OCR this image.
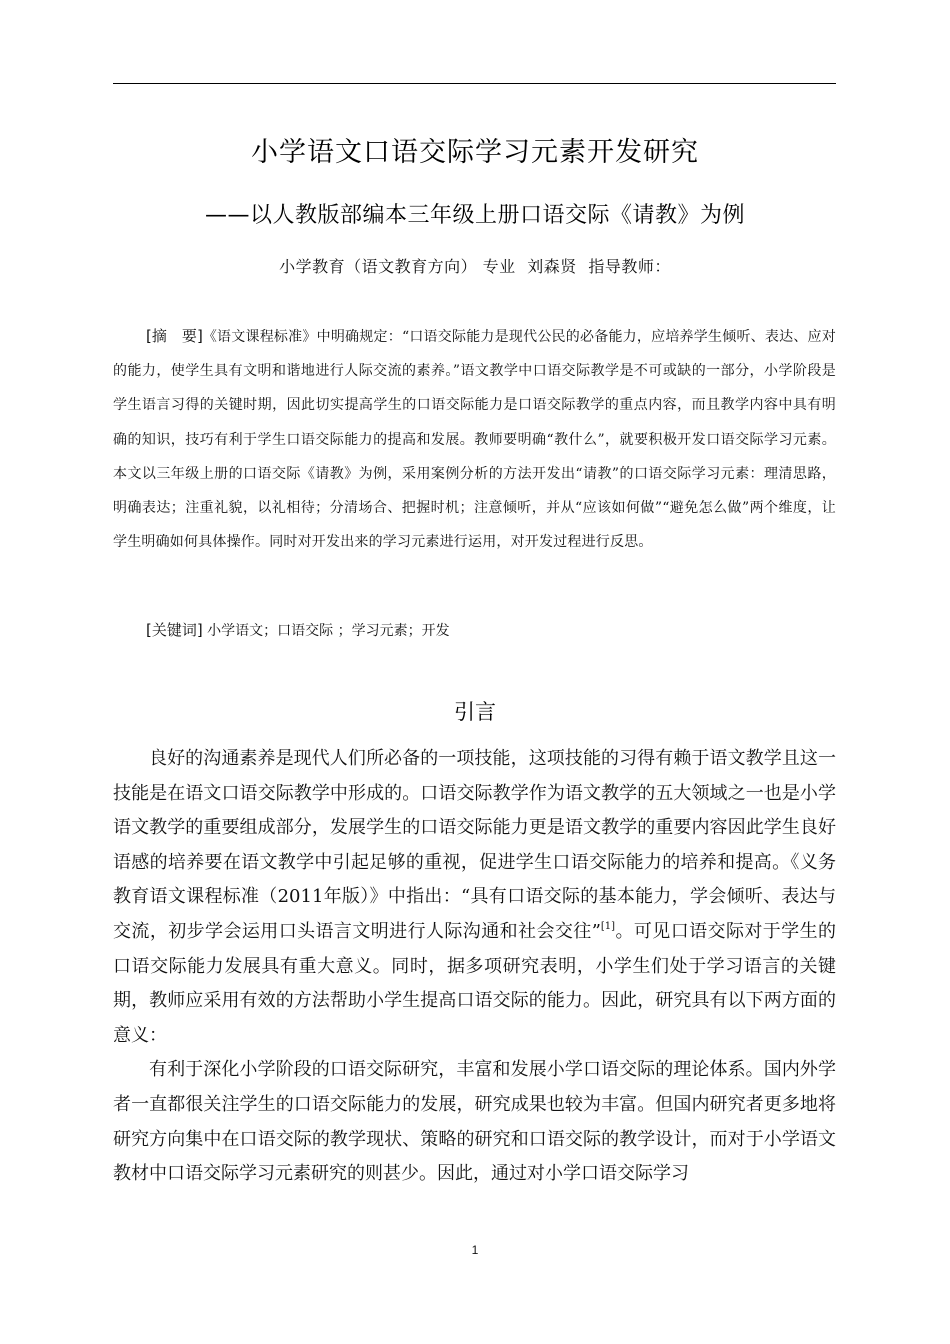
小学语文口语交际学习元素开发研究
——以人教版部编本三年级上册口语交际《请教》为例
小学教育（语文教育方向） 专业 刘森贤 指导教师：

[摘　要]《语文课程标准》中明确规定：“口语交际能力是现代公民的必备能力，应培养学生倾听、表达、应对的能力，使学生具有文明和谐地进行人际交流的素养。”语文教学中口语交际教学是不可或缺的一部分，小学阶段是学生语言习得的关键时期，因此切实提高学生的口语交际能力是口语交际教学的重点内容，而且教学内容中具有明确的知识，技巧有利于学生口语交际能力的提高和发展。教师要明确“教什么”，就要积极开发口语交际学习元素。本文以三年级上册的口语交际《请教》为例，采用案例分析的方法开发出“请教”的口语交际学习元素：理清思路，明确表达；注重礼貌，以礼相待；分清场合、把握时机；注意倾听，并从“应该如何做”“避免怎么做”两个维度，让学生明确如何具体操作。同时对开发出来的学习元素进行运用，对开发过程进行反思。

[关键词] 小学语文；口语交际 ；学习元素；开发

引言

良好的沟通素养是现代人们所必备的一项技能，这项技能的习得有赖于语文教学且这一技能是在语文口语交际教学中形成的。口语交际教学作为语文教学的五大领域之一也是小学语文教学的重要组成部分，发展学生的口语交际能力更是语文教学的重要内容因此学生良好语感的培养要在语文教学中引起足够的重视，促进学生口语交际能力的培养和提高。《义务教育语文课程标准（2011年版）》中指出：“具有口语交际的基本能力，学会倾听、表达与交流，初步学会运用口头语言文明进行人际沟通和社会交往”[1]。可见口语交际对于学生的口语交际能力发展具有重大意义。同时，据多项研究表明，小学生们处于学习语言的关键期，教师应采用有效的方法帮助小学生提高口语交际的能力。因此，研究具有以下两方面的意义：

有利于深化小学阶段的口语交际研究，丰富和发展小学口语交际的理论体系。国内外学者一直都很关注学生的口语交际能力的发展，研究成果也较为丰富。但国内研究者更多地将研究方向集中在口语交际的教学现状、策略的研究和口语交际的教学设计，而对于小学语文教材中口语交际学习元素研究的则甚少。因此，通过对小学口语交际学习

1
